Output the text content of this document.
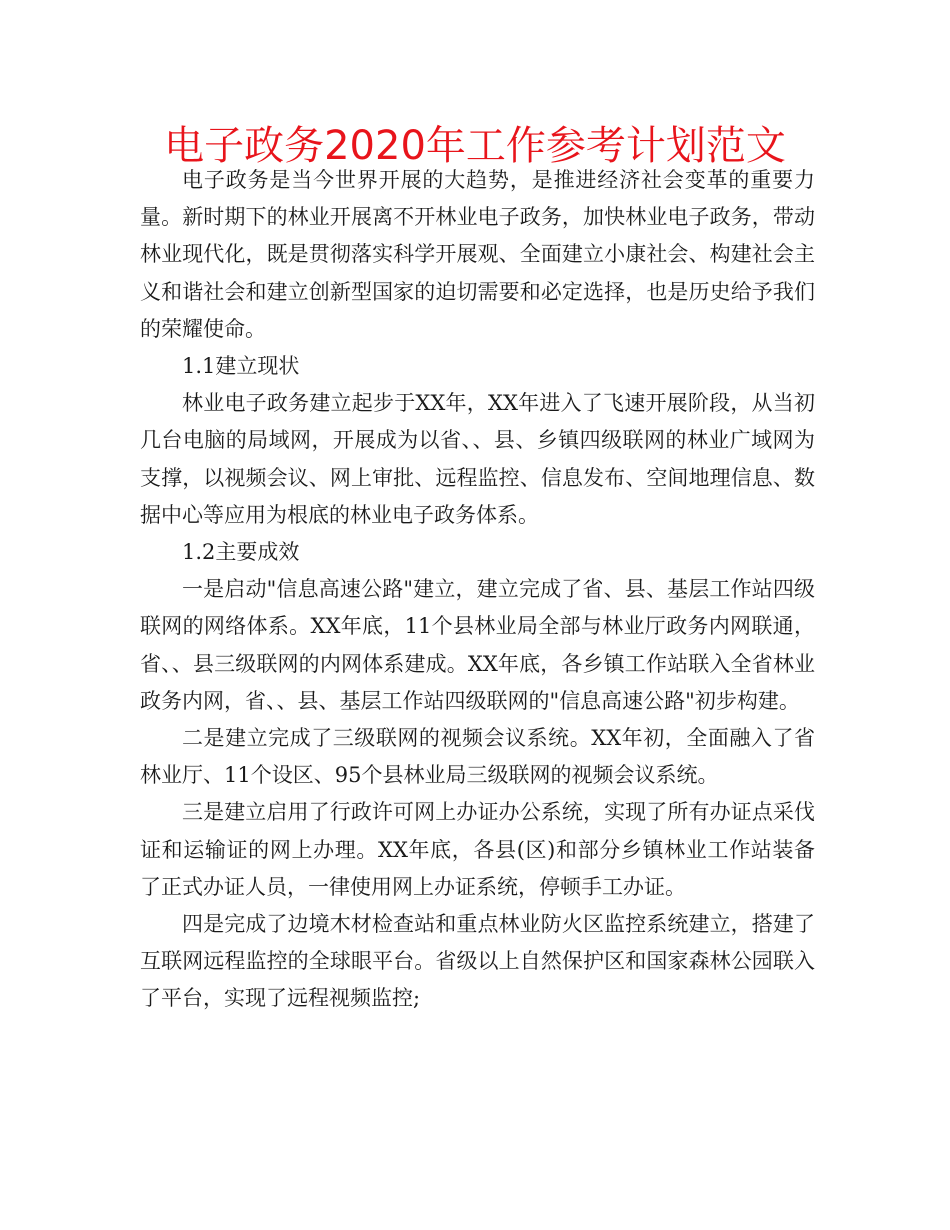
电子政务2020年工作参考计划范文

电子政务是当今世界开展的大趋势，是推进经济社会变革的重要力量。新时期下的林业开展离不开林业电子政务，加快林业电子政务，带动林业现代化，既是贯彻落实科学开展观、全面建立小康社会、构建社会主义和谐社会和建立创新型国家的迫切需要和必定选择，也是历史给予我们的荣耀使命。

1.1建立现状

林业电子政务建立起步于XX年，XX年进入了飞速开展阶段，从当初几台电脑的局域网，开展成为以省、、县、乡镇四级联网的林业广域网为支撑，以视频会议、网上审批、远程监控、信息发布、空间地理信息、数据中心等应用为根底的林业电子政务体系。

1.2主要成效

一是启动"信息高速公路"建立，建立完成了省、县、基层工作站四级联网的网络体系。XX年底，11个县林业局全部与林业厅政务内网联通，省、、县三级联网的内网体系建成。XX年底，各乡镇工作站联入全省林业政务内网，省、、县、基层工作站四级联网的"信息高速公路"初步构建。

二是建立完成了三级联网的视频会议系统。XX年初，全面融入了省林业厅、11个设区、95个县林业局三级联网的视频会议系统。

三是建立启用了行政许可网上办证办公系统，实现了所有办证点采伐证和运输证的网上办理。XX年底，各县(区)和部分乡镇林业工作站装备了正式办证人员，一律使用网上办证系统，停顿手工办证。

四是完成了边境木材检查站和重点林业防火区监控系统建立，搭建了互联网远程监控的全球眼平台。省级以上自然保护区和国家森林公园联入了平台，实现了远程视频监控;
